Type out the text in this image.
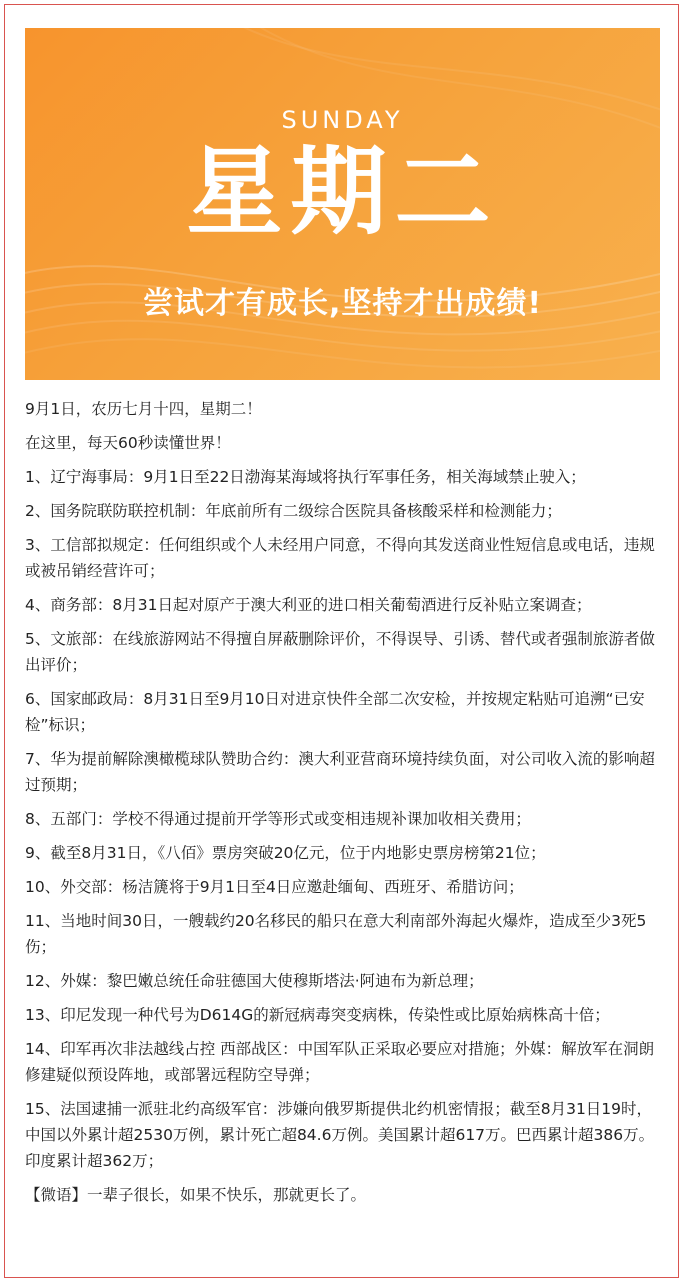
SUNDAY
星期二
尝试才有成长,坚持才出成绩!

9月1日，农历七月十四，星期二！

在这里，每天60秒读懂世界！

1、辽宁海事局：9月1日至22日渤海某海域将执行军事任务，相关海域禁止驶入；

2、国务院联防联控机制：年底前所有二级综合医院具备核酸采样和检测能力；

3、工信部拟规定：任何组织或个人未经用户同意，不得向其发送商业性短信息或电话，违规或被吊销经营许可；

4、商务部：8月31日起对原产于澳大利亚的进口相关葡萄酒进行反补贴立案调查；

5、文旅部：在线旅游网站不得擅自屏蔽删除评价，不得误导、引诱、替代或者强制旅游者做出评价；

6、国家邮政局：8月31日至9月10日对进京快件全部二次安检，并按规定粘贴可追溯“已安检”标识；

7、华为提前解除澳橄榄球队赞助合约：澳大利亚营商环境持续负面，对公司收入流的影响超过预期；

8、五部门：学校不得通过提前开学等形式或变相违规补课加收相关费用；

9、截至8月31日，《八佰》票房突破20亿元，位于内地影史票房榜第21位；

10、外交部：杨洁篪将于9月1日至4日应邀赴缅甸、西班牙、希腊访问；

11、当地时间30日，一艘载约20名移民的船只在意大利南部外海起火爆炸，造成至少3死5伤；

12、外媒：黎巴嫩总统任命驻德国大使穆斯塔法·阿迪布为新总理；

13、印尼发现一种代号为D614G的新冠病毒突变病株，传染性或比原始病株高十倍；

14、印军再次非法越线占控 西部战区：中国军队正采取必要应对措施；外媒：解放军在洞朗修建疑似预设阵地，或部署远程防空导弹；

15、法国逮捕一派驻北约高级军官：涉嫌向俄罗斯提供北约机密情报；截至8月31日19时，中国以外累计超2530万例，累计死亡超84.6万例。美国累计超617万。巴西累计超386万。印度累计超362万；

【微语】一辈子很长，如果不快乐，那就更长了。
